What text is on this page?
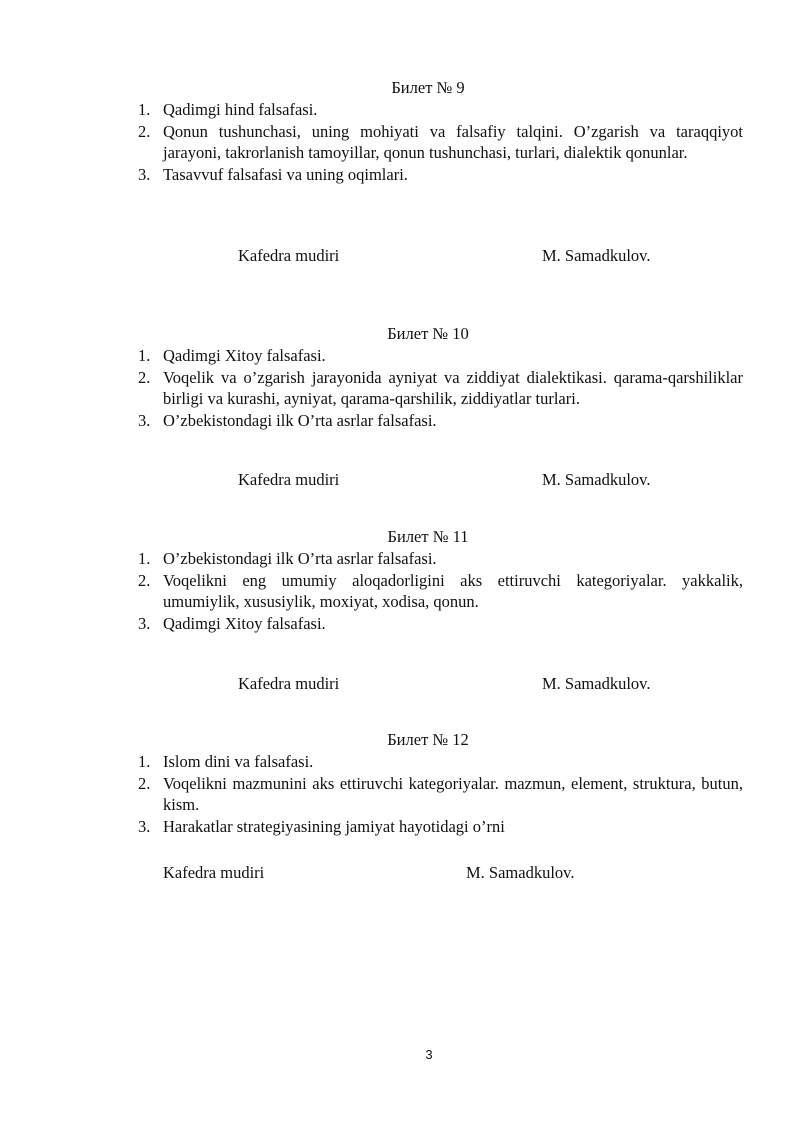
Билет № 9
1. Qadimgi hind falsafasi.
2. Qonun tushunchasi, uning mohiyati va falsafiy talqini. O’zgarish va taraqqiyot jarayoni, takrorlanish tamoyillar, qonun tushunchasi, turlari, dialektik qonunlar.
3. Tasavvuf falsafasi va uning oqimlari.
Kafedra mudiri	M. Samadkulov.
Билет № 10
1. Qadimgi Xitoy falsafasi.
2. Voqelik va o’zgarish jarayonida ayniyat va ziddiyat dialektikasi. qarama-qarshiliklar birligi va kurashi, ayniyat, qarama-qarshilik, ziddiyatlar turlari.
3. O’zbekistondagi ilk O’rta asrlar falsafasi.
Kafedra mudiri	M. Samadkulov.
Билет № 11
1. O’zbekistondagi ilk O’rta asrlar falsafasi.
2. Voqelikni eng umumiy aloqadorligini aks ettiruvchi kategoriyalar. yakkalik, umumiylik, xususiylik, moxiyat, xodisa, qonun.
3. Qadimgi Xitoy falsafasi.
Kafedra mudiri	M. Samadkulov.
Билет № 12
1. Islom dini va falsafasi.
2. Voqelikni mazmunini aks ettiruvchi kategoriyalar. mazmun, element, struktura, butun, kism.
3. Harakatlar strategiyasining jamiyat hayotidagi o’rni
Kafedra mudiri	M. Samadkulov.
3
